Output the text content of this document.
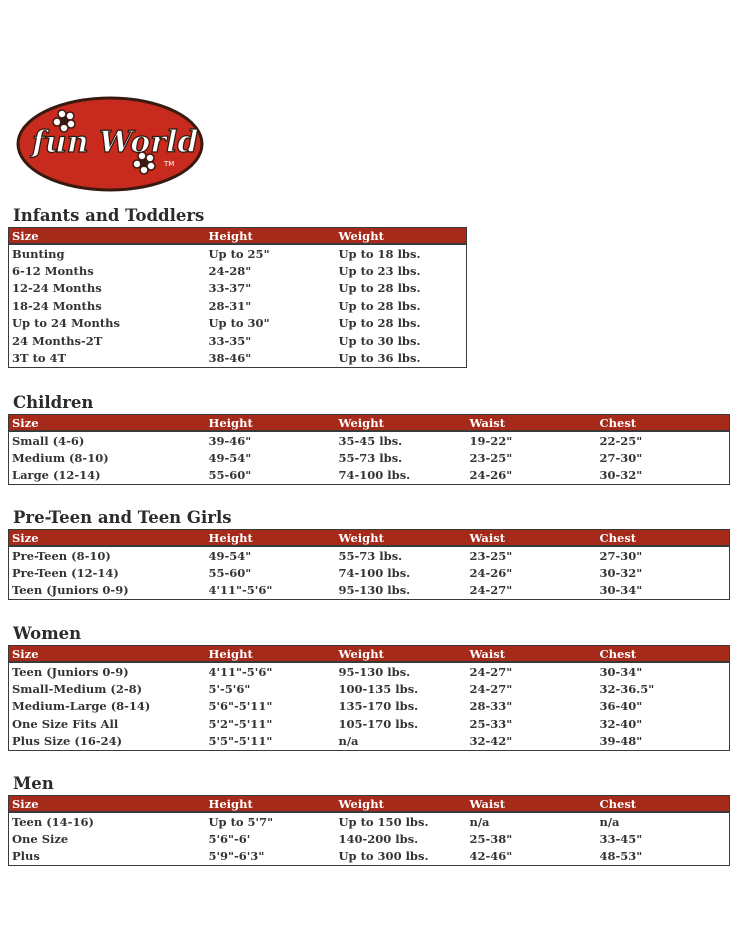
fun World
TM
Infants and Toddlers
Size	Height	Weight
Bunting	Up to 25"	Up to 18 lbs.
6-12 Months	24-28"	Up to 23 lbs.
12-24 Months	33-37"	Up to 28 lbs.
18-24 Months	28-31"	Up to 28 lbs.
Up to 24 Months	Up to 30"	Up to 28 lbs.
24 Months-2T	33-35"	Up to 30 lbs.
3T to 4T	38-46"	Up to 36 lbs.
Children
Size	Height	Weight	Waist	Chest
Small (4-6)	39-46"	35-45 lbs.	19-22"	22-25"
Medium (8-10)	49-54"	55-73 lbs.	23-25"	27-30"
Large (12-14)	55-60"	74-100 lbs.	24-26"	30-32"
Pre-Teen and Teen Girls
Size	Height	Weight	Waist	Chest
Pre-Teen (8-10)	49-54"	55-73 lbs.	23-25"	27-30"
Pre-Teen (12-14)	55-60"	74-100 lbs.	24-26"	30-32"
Teen (Juniors 0-9)	4'11"-5'6"	95-130 lbs.	24-27"	30-34"
Women
Size	Height	Weight	Waist	Chest
Teen (Juniors 0-9)	4'11"-5'6"	95-130 lbs.	24-27"	30-34"
Small-Medium (2-8)	5'-5'6"	100-135 lbs.	24-27"	32-36.5"
Medium-Large (8-14)	5'6"-5'11"	135-170 lbs.	28-33"	36-40"
One Size Fits All	5'2"-5'11"	105-170 lbs.	25-33"	32-40"
Plus Size (16-24)	5'5"-5'11"	n/a	32-42"	39-48"
Men
Size	Height	Weight	Waist	Chest
Teen (14-16)	Up to 5'7"	Up to 150 lbs.	n/a	n/a
One Size	5'6"-6'	140-200 lbs.	25-38"	33-45"
Plus	5'9"-6'3"	Up to 300 lbs.	42-46"	48-53"
